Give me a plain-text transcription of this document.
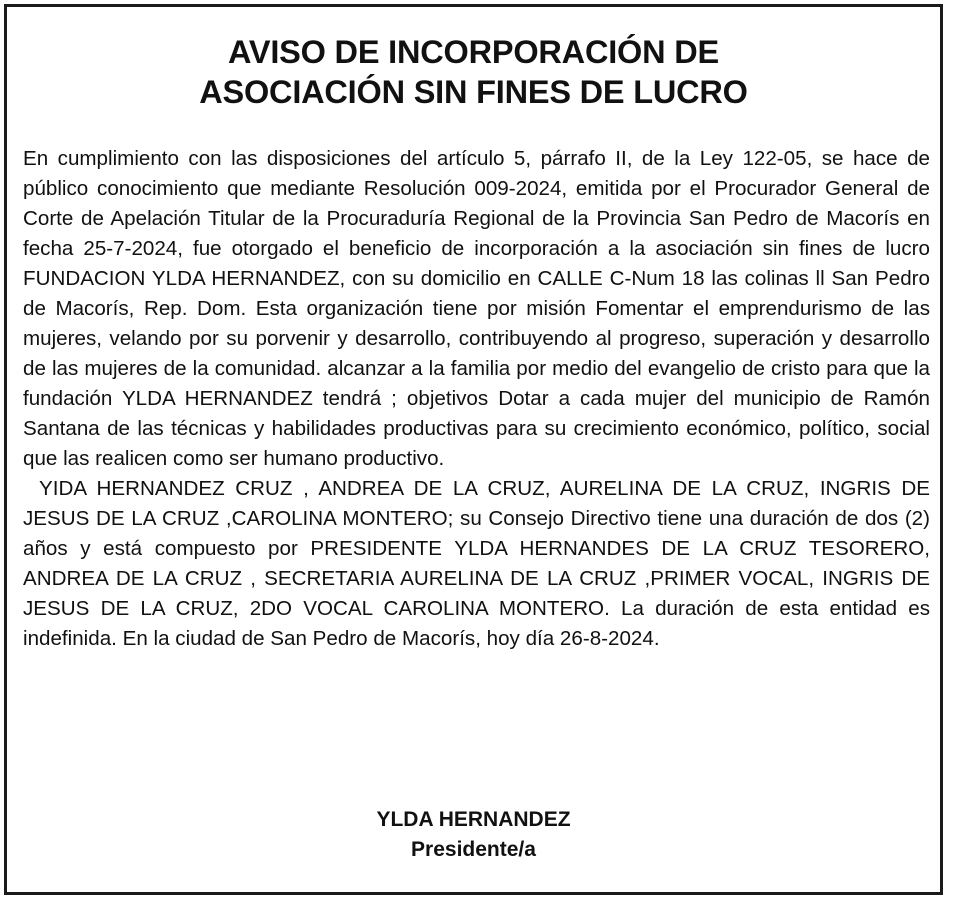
AVISO DE INCORPORACIÓN DE
ASOCIACIÓN SIN FINES DE LUCRO

En cumplimiento con las disposiciones del artículo 5, párrafo II, de la Ley 122-05, se hace de público conocimiento que mediante Resolución 009-2024, emitida por el Procurador General de Corte de Apelación Titular de la Procuraduría Regional de la Provincia San Pedro de Macorís en fecha 25-7-2024, fue otorgado el beneficio de incorporación a la asociación sin fines de lucro FUNDACION YLDA HERNANDEZ, con su domicilio en CALLE C-Num 18 las colinas ll San Pedro de Macorís, Rep. Dom. Esta organización tiene por misión Fomentar el emprendurismo de las mujeres, velando por su porvenir y desarrollo, contribuyendo al progreso, superación y desarrollo de las mujeres de la comunidad. alcanzar a la familia por medio del evangelio de cristo para que la fundación YLDA HERNANDEZ tendrá ; objetivos Dotar a cada mujer del municipio de Ramón Santana de las técnicas y habilidades productivas para su crecimiento económico, político, social que las realicen como ser humano productivo.

YIDA HERNANDEZ CRUZ , ANDREA DE LA CRUZ, AURELINA DE LA CRUZ, INGRIS DE JESUS DE LA CRUZ ,CAROLINA MONTERO; su Consejo Directivo tiene una duración de dos (2) años y está compuesto por PRESIDENTE YLDA HERNANDES DE LA CRUZ TESORERO, ANDREA DE LA CRUZ , SECRETARIA AURELINA DE LA CRUZ ,PRIMER VOCAL, INGRIS DE JESUS DE LA CRUZ, 2DO VOCAL CAROLINA MONTERO. La duración de esta entidad es indefinida. En la ciudad de San Pedro de Macorís, hoy día 26-8-2024.

YLDA HERNANDEZ
Presidente/a
